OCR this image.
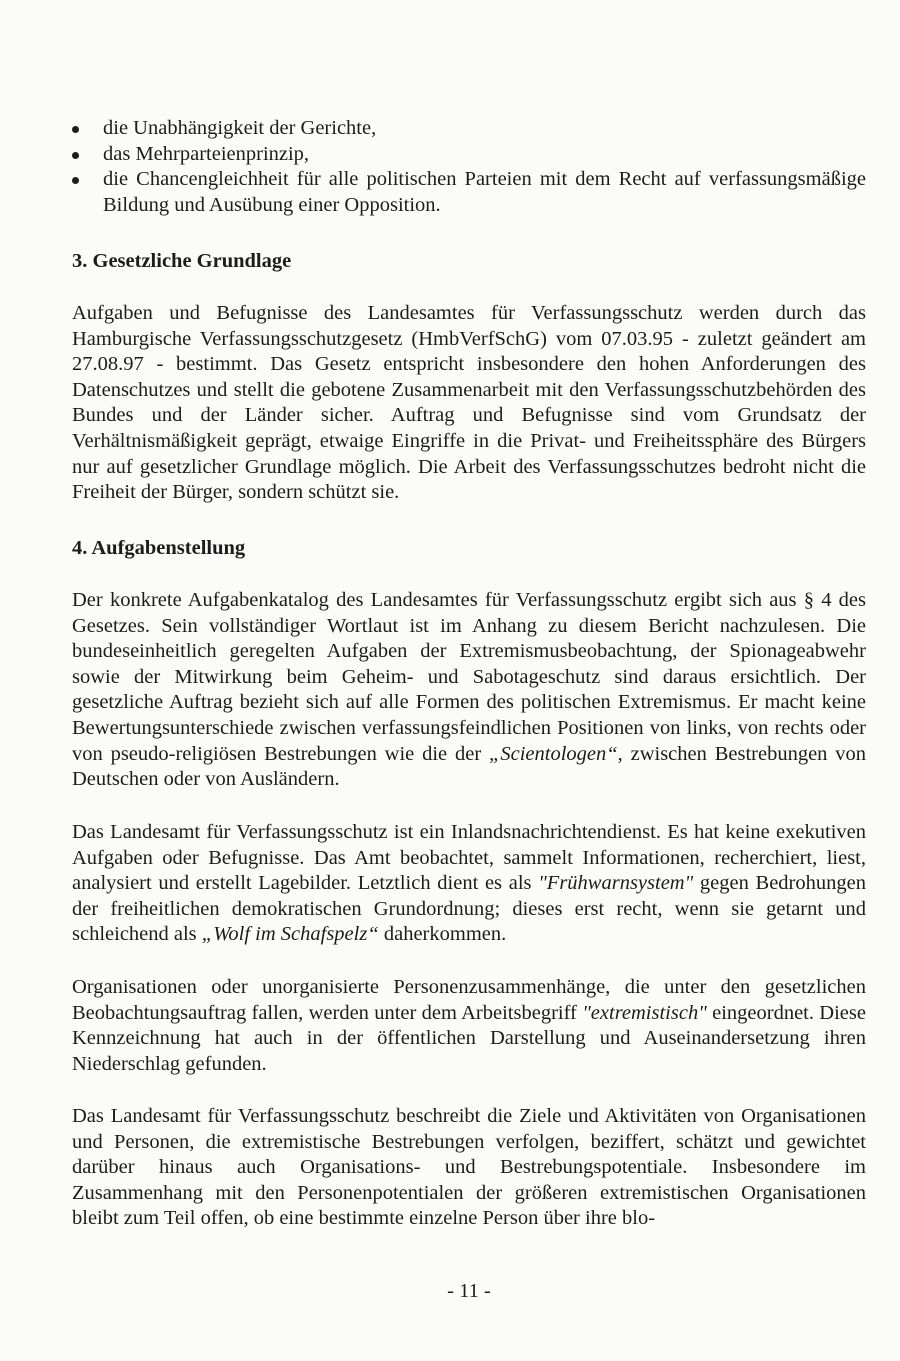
die Unabhängigkeit der Gerichte,
das Mehrparteienprinzip,
die Chancengleichheit für alle politischen Parteien mit dem Recht auf verfassungsmäßige Bildung und Ausübung einer Opposition.
3. Gesetzliche Grundlage

Aufgaben und Befugnisse des Landesamtes für Verfassungsschutz werden durch das Hamburgische Verfassungsschutzgesetz (HmbVerfSchG) vom 07.03.95 - zuletzt geändert am 27.08.97 - bestimmt. Das Gesetz entspricht insbesondere den hohen Anforderungen des Datenschutzes und stellt die gebotene Zusammenarbeit mit den Verfassungsschutzbehörden des Bundes und der Länder sicher. Auftrag und Befugnisse sind vom Grundsatz der Verhältnismäßigkeit geprägt, etwaige Eingriffe in die Privat- und Freiheitssphäre des Bürgers nur auf gesetzlicher Grundlage möglich. Die Arbeit des Verfassungsschutzes bedroht nicht die Freiheit der Bürger, sondern schützt sie.

4. Aufgabenstellung

Der konkrete Aufgabenkatalog des Landesamtes für Verfassungsschutz ergibt sich aus § 4 des Gesetzes. Sein vollständiger Wortlaut ist im Anhang zu diesem Bericht nachzulesen. Die bundeseinheitlich geregelten Aufgaben der Extremismusbeobachtung, der Spionageabwehr sowie der Mitwirkung beim Geheim- und Sabotageschutz sind daraus ersichtlich. Der gesetzliche Auftrag bezieht sich auf alle Formen des politischen Extremismus. Er macht keine Bewertungsunterschiede zwischen verfassungsfeindlichen Positionen von links, von rechts oder von pseudo-religiösen Bestrebungen wie die der „Scientologen“, zwischen Bestrebungen von Deutschen oder von Ausländern.

Das Landesamt für Verfassungsschutz ist ein Inlandsnachrichtendienst. Es hat keine exekutiven Aufgaben oder Befugnisse. Das Amt beobachtet, sammelt Informationen, recherchiert, liest, analysiert und erstellt Lagebilder. Letztlich dient es als "Frühwarnsystem" gegen Bedrohungen der freiheitlichen demokratischen Grundordnung; dieses erst recht, wenn sie getarnt und schleichend als „Wolf im Schafspelz“ daherkommen.

Organisationen oder unorganisierte Personenzusammenhänge, die unter den gesetzlichen Beobachtungsauftrag fallen, werden unter dem Arbeitsbegriff "extremistisch" eingeordnet. Diese Kennzeichnung hat auch in der öffentlichen Darstellung und Auseinandersetzung ihren Niederschlag gefunden.

Das Landesamt für Verfassungsschutz beschreibt die Ziele und Aktivitäten von Organisationen und Personen, die extremistische Bestrebungen verfolgen, beziffert, schätzt und gewichtet darüber hinaus auch Organisations- und Bestrebungspotentiale. Insbesondere im Zusammenhang mit den Personenpotentialen der größeren extremistischen Organisationen bleibt zum Teil offen, ob eine bestimmte einzelne Person über ihre blo-

- 11 -
